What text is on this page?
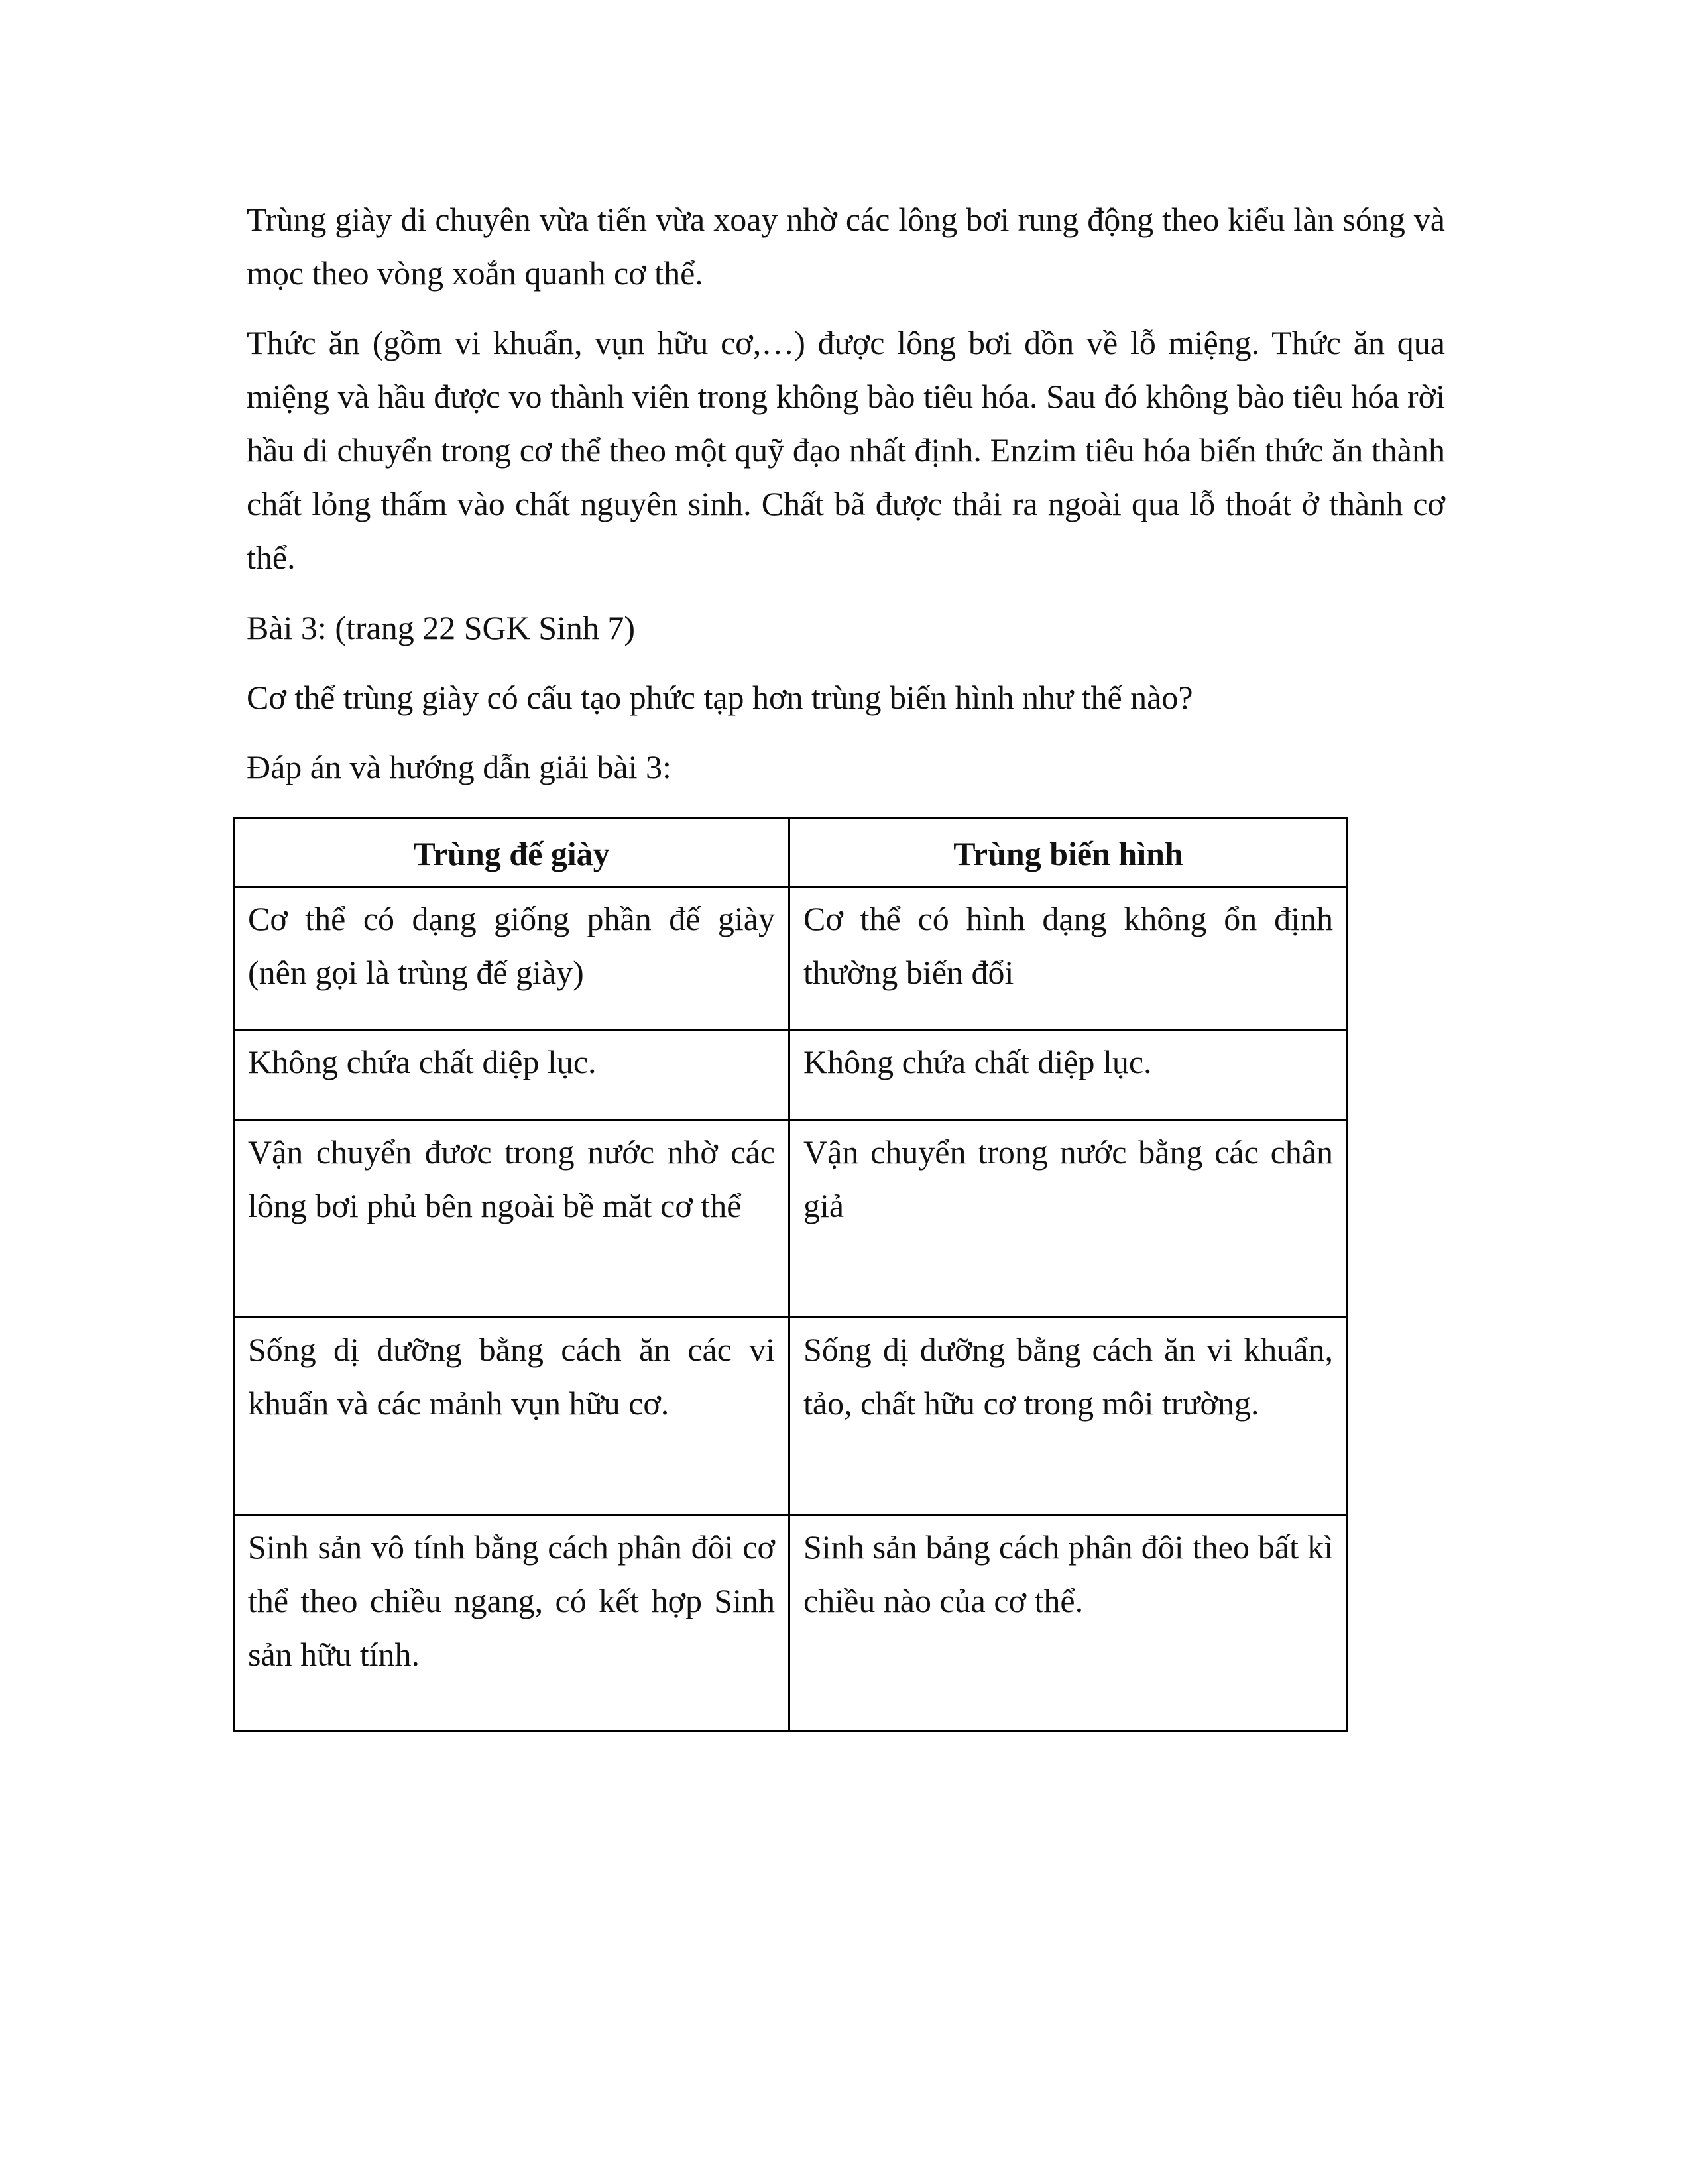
Trùng giày di chuyên vừa tiến vừa xoay nhờ các lông bơi rung động theo kiểu làn sóng và mọc theo vòng xoắn quanh cơ thể.

Thức ăn (gồm vi khuẩn, vụn hữu cơ,…) được lông bơi dồn về lỗ miệng. Thức ăn qua miệng và hầu được vo thành viên trong không bào tiêu hóa. Sau đó không bào tiêu hóa rời hầu di chuyển trong cơ thể theo một quỹ đạo nhất định. Enzim tiêu hóa biến thức ăn thành chất lỏng thấm vào chất nguyên sinh. Chất bã được thải ra ngoài qua lỗ thoát ở thành cơ thể.

Bài 3: (trang 22 SGK Sinh 7)

Cơ thể trùng giày có cấu tạo phức tạp hơn trùng biến hình như thế nào?

Đáp án và hướng dẫn giải bài 3:

Trùng đế giày	Trùng biến hình
Cơ thể có dạng giống phần đế giày (nên gọi là trùng đế giày)	Cơ thể có hình dạng không ổn định thường biến đổi
Không chứa chất diệp lục.	Không chứa chất diệp lục.
Vận chuyển đươc trong nước nhờ các lông bơi phủ bên ngoài bề măt cơ thể	Vận chuyển trong nước bằng các chân giả
Sống dị dưỡng bằng cách ăn các vi khuẩn và các mảnh vụn hữu cơ.	Sống dị dưỡng bằng cách ăn vi khuẩn, tảo, chất hữu cơ trong môi trường.
Sinh sản vô tính bằng cách phân đôi cơ thể theo chiều ngang, có kết hợp Sinh sản hữu tính.	Sinh sản bảng cách phân đôi theo bất kì chiều nào của cơ thể.
